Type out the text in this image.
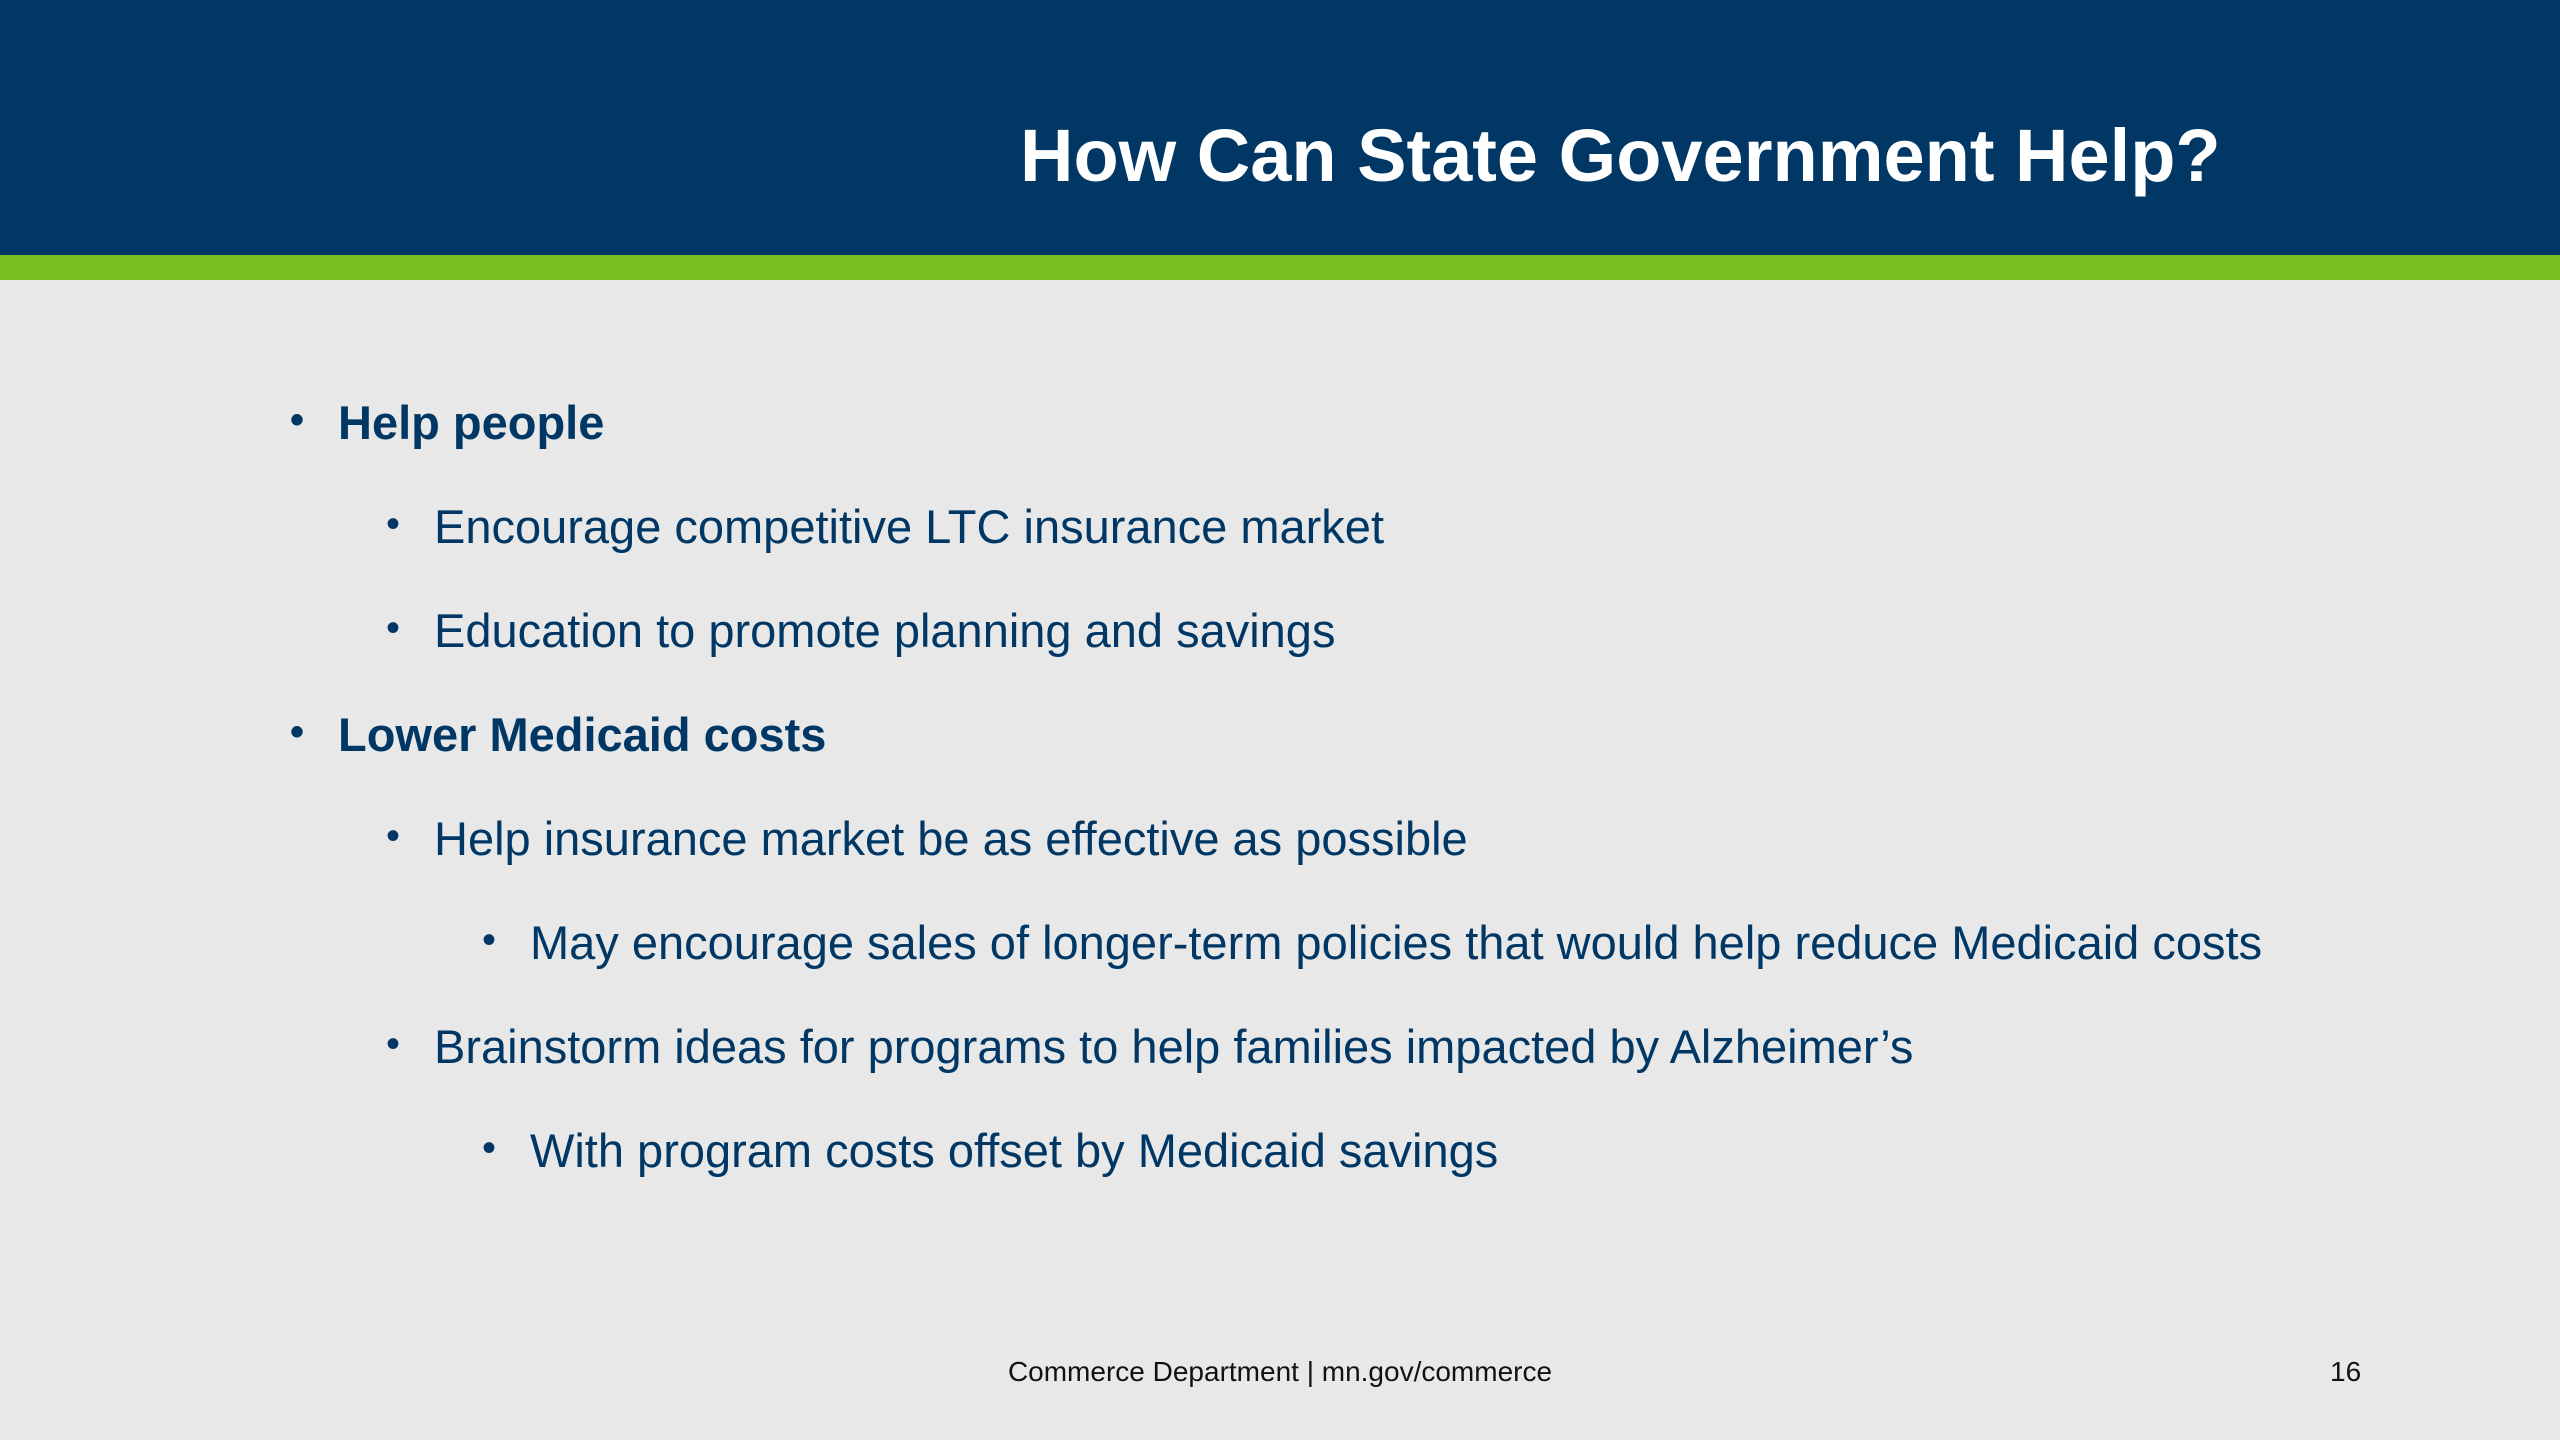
How Can State Government Help?
• Help people
• Encourage competitive LTC insurance market
• Education to promote planning and savings
• Lower Medicaid costs
• Help insurance market be as effective as possible
• May encourage sales of longer-term policies that would help reduce Medicaid costs
• Brainstorm ideas for programs to help families impacted by Alzheimer’s
• With program costs offset by Medicaid savings
Commerce Department | mn.gov/commerce	16
